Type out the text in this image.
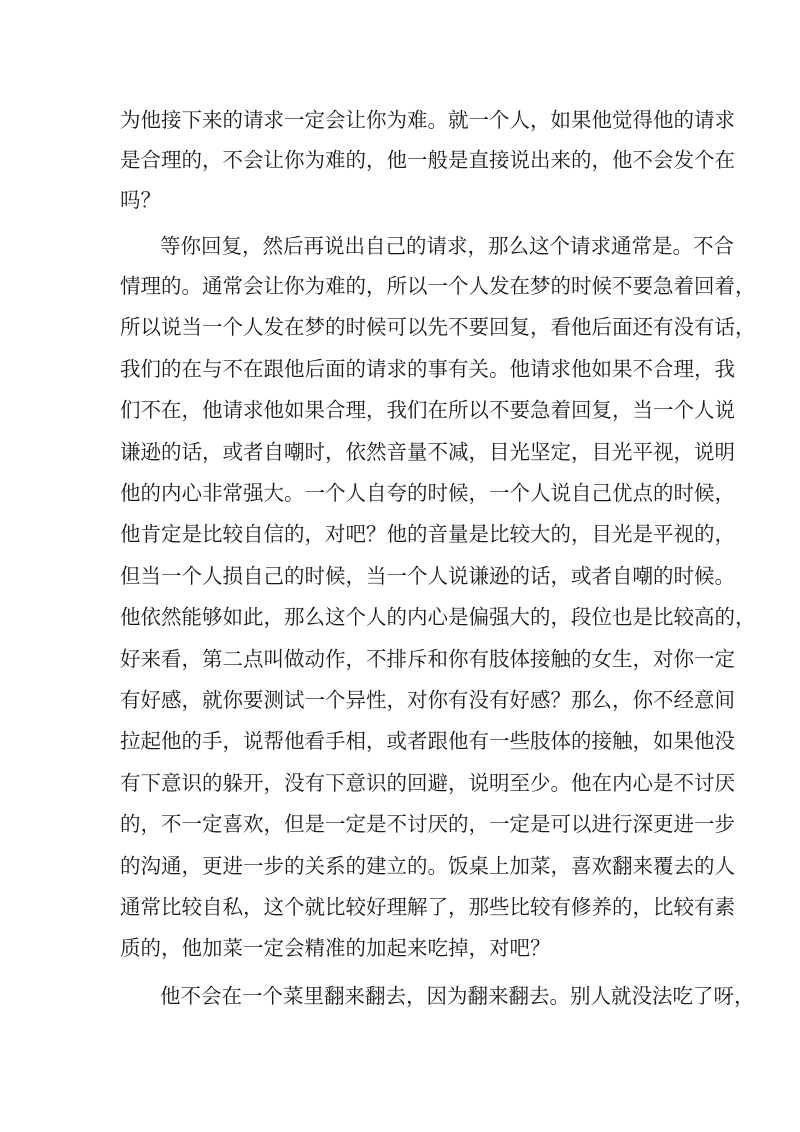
为他接下来的请求一定会让你为难。就一个人，如果他觉得他的请求
是合理的，不会让你为难的，他一般是直接说出来的，他不会发个在
吗？
等你回复，然后再说出自己的请求，那么这个请求通常是。不合
情理的。通常会让你为难的，所以一个人发在梦的时候不要急着回着，
所以说当一个人发在梦的时候可以先不要回复，看他后面还有没有话，
我们的在与不在跟他后面的请求的事有关。他请求他如果不合理，我
们不在，他请求他如果合理，我们在所以不要急着回复，当一个人说
谦逊的话，或者自嘲时，依然音量不减，目光坚定，目光平视，说明
他的内心非常强大。一个人自夸的时候，一个人说自己优点的时候，
他肯定是比较自信的，对吧？他的音量是比较大的，目光是平视的，
但当一个人损自己的时候，当一个人说谦逊的话，或者自嘲的时候。
他依然能够如此，那么这个人的内心是偏强大的，段位也是比较高的，
好来看，第二点叫做动作，不排斥和你有肢体接触的女生，对你一定
有好感，就你要测试一个异性，对你有没有好感？那么，你不经意间
拉起他的手，说帮他看手相，或者跟他有一些肢体的接触，如果他没
有下意识的躲开，没有下意识的回避，说明至少。他在内心是不讨厌
的，不一定喜欢，但是一定是不讨厌的，一定是可以进行深更进一步
的沟通，更进一步的关系的建立的。饭桌上加菜，喜欢翻来覆去的人
通常比较自私，这个就比较好理解了，那些比较有修养的，比较有素
质的，他加菜一定会精准的加起来吃掉，对吧？
他不会在一个菜里翻来翻去，因为翻来翻去。别人就没法吃了呀，
